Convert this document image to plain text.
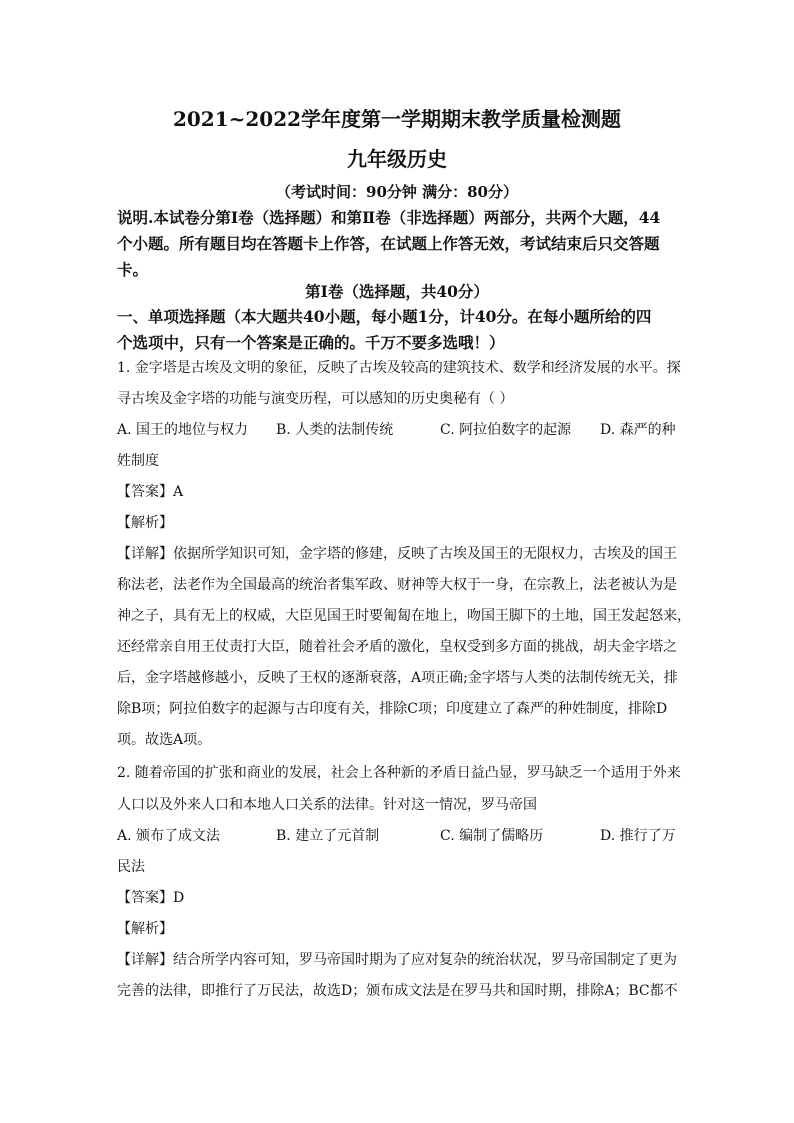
2021~2022学年度第一学期期末教学质量检测题
九年级历史
（考试时间：90分钟 满分：80分）
说明.本试卷分第Ⅰ卷（选择题）和第Ⅱ卷（非选择题）两部分，共两个大题，44
个小题。所有题目均在答题卡上作答，在试题上作答无效，考试结束后只交答题
卡。
第Ⅰ卷（选择题，共40分）
一、单项选择题（本大题共40小题，每小题1分，计40分。在每小题所给的四
个选项中，只有一个答案是正确的。千万不要多选哦！）
1. 金字塔是古埃及文明的象征，反映了古埃及较高的建筑技术、数学和经济发展的水平。探
寻古埃及金字塔的功能与演变历程，可以感知的历史奥秘有（ ）
A. 国王的地位与权力 B. 人类的法制传统	C. 阿拉伯数字的起源 D. 森严的种
姓制度
【答案】A
【解析】
【详解】依据所学知识可知，金字塔的修建，反映了古埃及国王的无限权力，古埃及的国王
称法老，法老作为全国最高的统治者集军政、财神等大权于一身，在宗教上，法老被认为是
神之子，具有无上的权威，大臣见国王时要匍匐在地上，吻国王脚下的土地，国王发起怒来，
还经常亲自用王仗责打大臣，随着社会矛盾的激化，皇权受到多方面的挑战，胡夫金字塔之
后，金字塔越修越小，反映了王权的逐渐衰落，A项正确;金字塔与人类的法制传统无关，排
除B项；阿拉伯数字的起源与古印度有关，排除C项；印度建立了森严的种姓制度，排除D
项。故选A项。
2. 随着帝国的扩张和商业的发展，社会上各种新的矛盾日益凸显，罗马缺乏一个适用于外来
人口以及外来人口和本地人口关系的法律。针对这一情况，罗马帝国
A. 颁布了成文法	B. 建立了元首制	C. 编制了儒略历	D. 推行了万
民法
【答案】D
【解析】
【详解】结合所学内容可知，罗马帝国时期为了应对复杂的统治状况，罗马帝国制定了更为
完善的法律，即推行了万民法，故选D；颁布成文法是在罗马共和国时期，排除A；BC都不
